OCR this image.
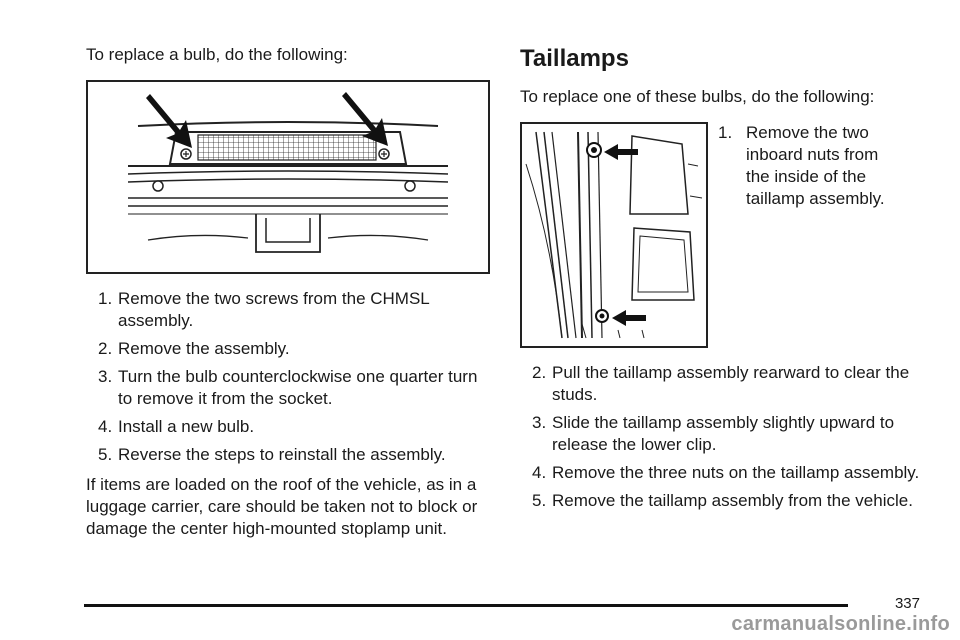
To replace a bulb, do the following:

1. Remove the two screws from the CHMSL assembly.
2. Remove the assembly.
3. Turn the bulb counterclockwise one quarter turn to remove it from the socket.
4. Install a new bulb.
5. Reverse the steps to reinstall the assembly.

If items are loaded on the roof of the vehicle, as in a luggage carrier, care should be taken not to block or damage the center high-mounted stoplamp unit.

Taillamps

To replace one of these bulbs, do the following:

1. Remove the two inboard nuts from the inside of the taillamp assembly.
2. Pull the taillamp assembly rearward to clear the studs.
3. Slide the taillamp assembly slightly upward to release the lower clip.
4. Remove the three nuts on the taillamp assembly.
5. Remove the taillamp assembly from the vehicle.
337
carmanualsonline.info
